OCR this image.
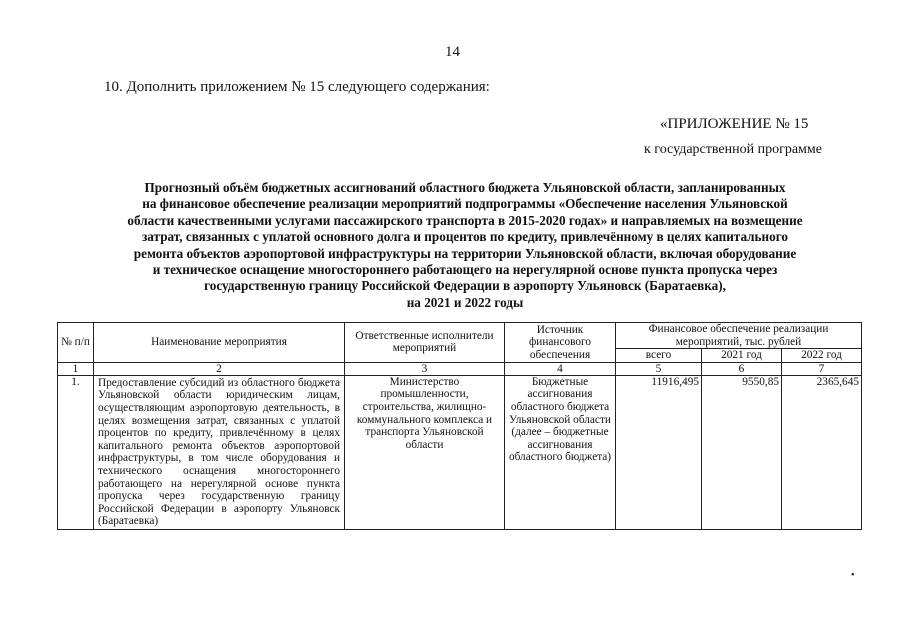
14
10. Дополнить приложением № 15 следующего содержания:
«ПРИЛОЖЕНИЕ № 15
к государственной программе
Прогнозный объём бюджетных ассигнований областного бюджета Ульяновской области, запланированных
на финансовое обеспечение реализации мероприятий подпрограммы «Обеспечение населения Ульяновской
области качественными услугами пассажирского транспорта в 2015-2020 годах» и направляемых на возмещение
затрат, связанных с уплатой основного долга и процентов по кредиту, привлечённому в целях капитального
ремонта объектов аэропортовой инфраструктуры на территории Ульяновской области, включая оборудование
и техническое оснащение многостороннего работающего на нерегулярной основе пункта пропуска через
государственную границу Российской Федерации в аэропорту Ульяновск (Баратаевка),
на 2021 и 2022 годы
№ п/п	Наименование мероприятия	Ответственные исполнители мероприятий	Источник финансового обеспечения	Финансовое обеспечение реализации мероприятий, тыс. рублей		
				всего	2021 год	2022 год
1	2	3	4	5	6	7
1.	Предоставление субсидий из областного бюджета Ульяновской области юридическим лицам, осуществляющим аэропортовую деятельность, в целях возмещения затрат, связанных с уплатой процентов по кредиту, привлечённому в целях капитального ремонта объектов аэропортовой инфраструктуры, в том числе оборудования и технического оснащения многостороннего работающего на нерегулярной основе пункта пропуска через государственную границу Российской Федерации в аэропорту Ульяновск (Баратаевка)	Министерство промышленности, строительства, жилищно-коммунального комплекса и транспорта Ульяновской области	Бюджетные ассигнования областного бюджета Ульяновской области (далее – бюджетные ассигнования областного бюджета)	11916,495	9550,85	2365,645
•
